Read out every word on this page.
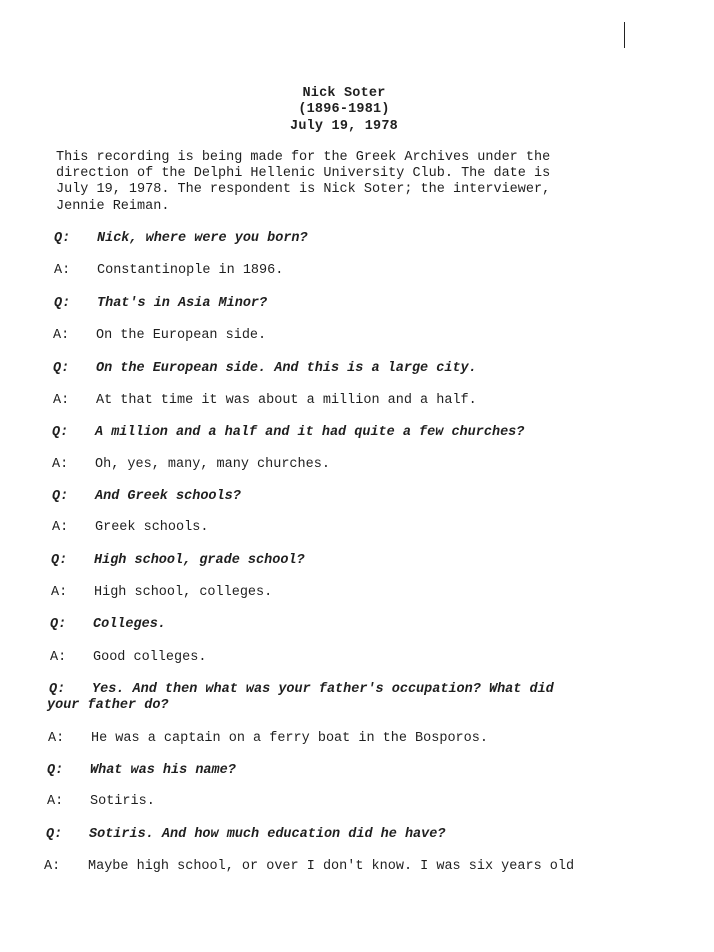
Nick Soter
(1896-1981)
July 19, 1978
This recording is being made for the Greek Archives under the
direction of the Delphi Hellenic University Club. The date is
July 19, 1978. The respondent is Nick Soter; the interviewer,
Jennie Reiman.
Q: Nick, where were you born?
A: Constantinople in 1896.
Q: That's in Asia Minor?
A: On the European side.
Q: On the European side. And this is a large city.
A: At that time it was about a million and a half.
Q: A million and a half and it had quite a few churches?
A: Oh, yes, many, many churches.
Q: And Greek schools?
A: Greek schools.
Q: High school, grade school?
A: High school, colleges.
Q: Colleges.
A: Good colleges.
Q: Yes. And then what was your father's occupation? What did
your father do?
A: He was a captain on a ferry boat in the Bosporos.
Q: What was his name?
A: Sotiris.
Q: Sotiris. And how much education did he have?
A: Maybe high school, or over I don't know. I was six years old
